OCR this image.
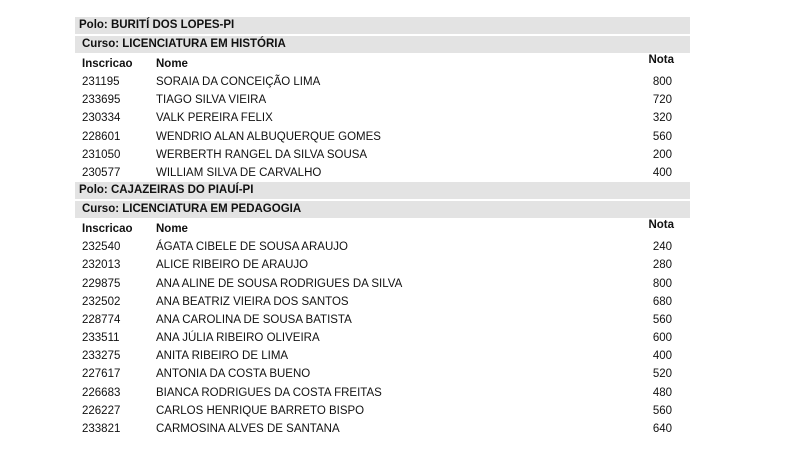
Polo: BURITÍ DOS LOPES-PI
Curso: LICENCIATURA EM HISTÓRIA
Inscricao Nome	Nota
231195	SORAIA DA CONCEIÇÃO LIMA	800
233695	TIAGO SILVA VIEIRA	720
230334	VALK PEREIRA FELIX	320
228601	WENDRIO ALAN ALBUQUERQUE GOMES	560
231050	WERBERTH RANGEL DA SILVA SOUSA	200
230577	WILLIAM SILVA DE CARVALHO	400
Polo: CAJAZEIRAS DO PIAUÍ-PI
Curso: LICENCIATURA EM PEDAGOGIA
Inscricao Nome	Nota
232540	ÁGATA CIBELE DE SOUSA ARAUJO	240
232013	ALICE RIBEIRO DE ARAUJO	280
229875	ANA ALINE DE SOUSA RODRIGUES DA SILVA	800
232502	ANA BEATRIZ VIEIRA DOS SANTOS	680
228774	ANA CAROLINA DE SOUSA BATISTA	560
233511	ANA JÚLIA RIBEIRO OLIVEIRA	600
233275	ANITA RIBEIRO DE LIMA	400
227617	ANTONIA DA COSTA BUENO	520
226683	BIANCA RODRIGUES DA COSTA FREITAS	480
226227	CARLOS HENRIQUE BARRETO BISPO	560
233821	CARMOSINA ALVES DE SANTANA	640
